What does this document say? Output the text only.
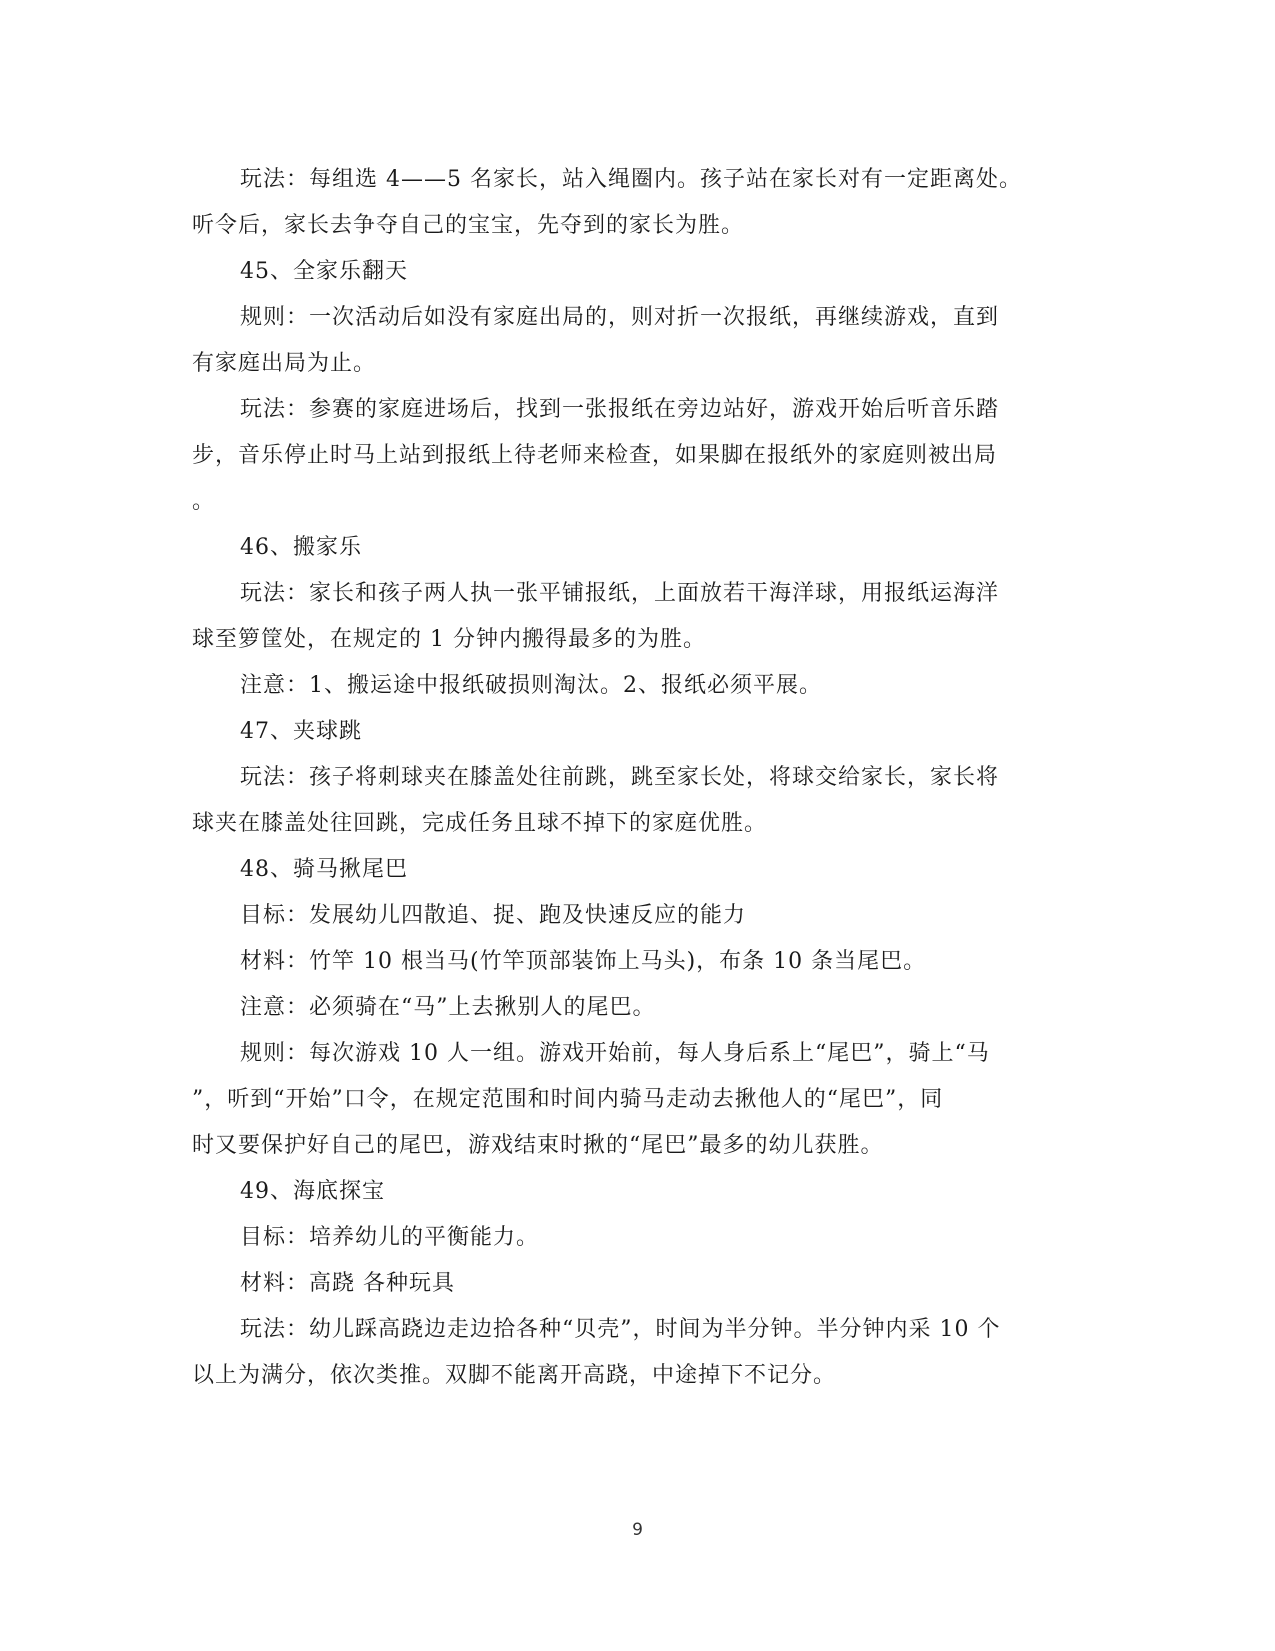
玩法：每组选 4——5 名家长，站入绳圈内。孩子站在家长对有一定距离处。

听令后，家长去争夺自己的宝宝，先夺到的家长为胜。

45、全家乐翻天

规则：一次活动后如没有家庭出局的，则对折一次报纸，再继续游戏，直到

有家庭出局为止。

玩法：参赛的家庭进场后，找到一张报纸在旁边站好，游戏开始后听音乐踏

步，音乐停止时马上站到报纸上待老师来检查，如果脚在报纸外的家庭则被出局

。

46、搬家乐

玩法：家长和孩子两人执一张平铺报纸，上面放若干海洋球，用报纸运海洋

球至箩筐处，在规定的 1 分钟内搬得最多的为胜。

注意：1、搬运途中报纸破损则淘汰。2、报纸必须平展。

47、夹球跳

玩法：孩子将刺球夹在膝盖处往前跳，跳至家长处，将球交给家长，家长将

球夹在膝盖处往回跳，完成任务且球不掉下的家庭优胜。

48、骑马揪尾巴

目标：发展幼儿四散追、捉、跑及快速反应的能力

材料：竹竿 10 根当马(竹竿顶部装饰上马头)，布条 10 条当尾巴。

注意：必须骑在“马”上去揪别人的尾巴。

规则：每次游戏 10 人一组。游戏开始前，每人身后系上“尾巴”，骑上“马

”，听到“开始”口令，在规定范围和时间内骑马走动去揪他人的“尾巴”，同

时又要保护好自己的尾巴，游戏结束时揪的“尾巴”最多的幼儿获胜。

49、海底探宝

目标：培养幼儿的平衡能力。

材料：高跷 各种玩具

玩法：幼儿踩高跷边走边拾各种“贝壳”，时间为半分钟。半分钟内采 10 个

以上为满分，依次类推。双脚不能离开高跷，中途掉下不记分。

9
